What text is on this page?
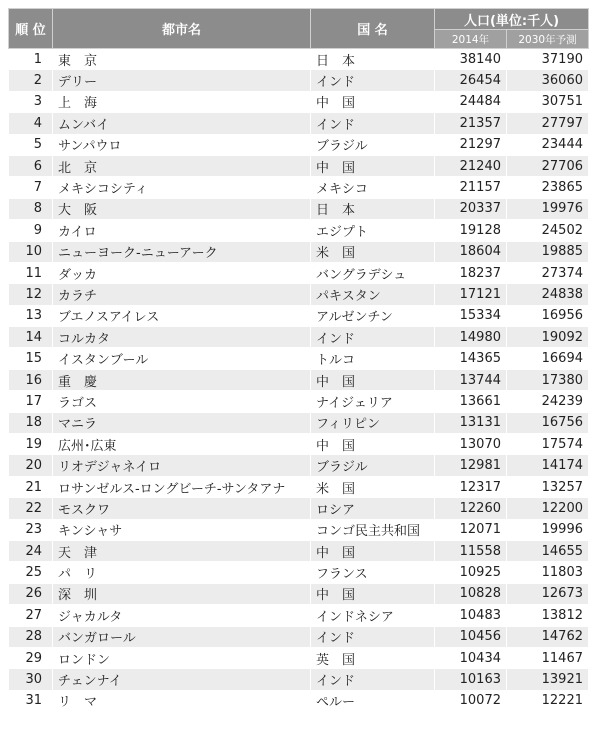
順 位	都市名	国 名	人口(単位:千人)	
			2014年	2030年予測
1	東　京	日　本	38140	37190
2	デリー	インド	26454	36060
3	上　海	中　国	24484	30751
4	ムンバイ	インド	21357	27797
5	サンパウロ	ブラジル	21297	23444
6	北　京	中　国	21240	27706
7	メキシコシティ	メキシコ	21157	23865
8	大　阪	日　本	20337	19976
9	カイロ	エジプト	19128	24502
10	ニューヨーク-ニューアーク	米　国	18604	19885
11	ダッカ	バングラデシュ	18237	27374
12	カラチ	パキスタン	17121	24838
13	ブエノスアイレス	アルゼンチン	15334	16956
14	コルカタ	インド	14980	19092
15	イスタンブール	トルコ	14365	16694
16	重　慶	中　国	13744	17380
17	ラゴス	ナイジェリア	13661	24239
18	マニラ	フィリピン	13131	16756
19	広州･広東	中　国	13070	17574
20	リオデジャネイロ	ブラジル	12981	14174
21	ロサンゼルス-ロングビーチ-サンタアナ	米　国	12317	13257
22	モスクワ	ロシア	12260	12200
23	キンシャサ	コンゴ民主共和国	12071	19996
24	天　津	中　国	11558	14655
25	パ　リ	フランス	10925	11803
26	深　圳	中　国	10828	12673
27	ジャカルタ	インドネシア	10483	13812
28	バンガロール	インド	10456	14762
29	ロンドン	英　国	10434	11467
30	チェンナイ	インド	10163	13921
31	リ　マ	ペルー	10072	12221
